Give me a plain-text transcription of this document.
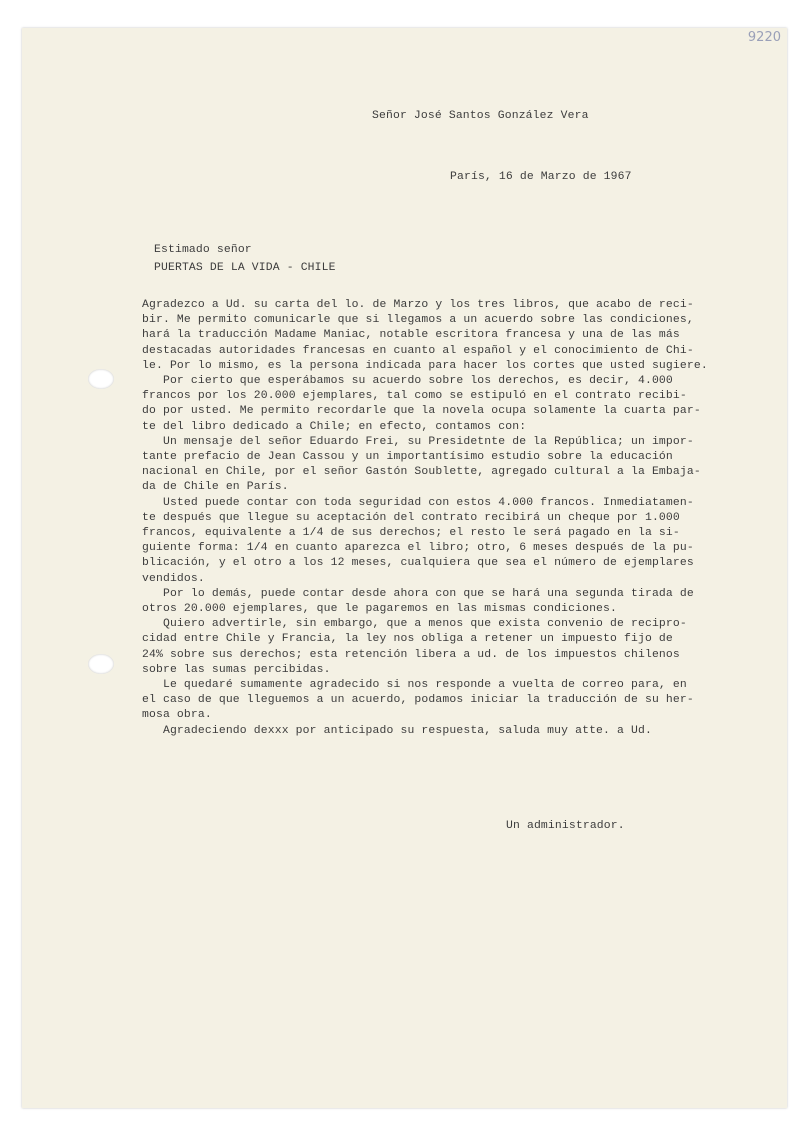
9220
Señor José Santos González Vera
París, 16 de Marzo de 1967
Estimado señor
PUERTAS DE LA VIDA - CHILE
Agradezco a Ud. su carta del lo. de Marzo y los tres libros, que acabo de reci-
bir. Me permito comunicarle que si llegamos a un acuerdo sobre las condiciones,
hará la traducción Madame Maniac, notable escritora francesa y una de las más
destacadas autoridades francesas en cuanto al español y el conocimiento de Chi-
le. Por lo mismo, es la persona indicada para hacer los cortes que usted sugiere.
Por cierto que esperábamos su acuerdo sobre los derechos, es decir, 4.000
francos por los 20.000 ejemplares, tal como se estipuló en el contrato recibi-
do por usted. Me permito recordarle que la novela ocupa solamente la cuarta par-
te del libro dedicado a Chile; en efecto, contamos con:
Un mensaje del señor Eduardo Frei, su Presidetnte de la República; un impor-
tante prefacio de Jean Cassou y un importantísimo estudio sobre la educación
nacional en Chile, por el señor Gastón Soublette, agregado cultural a la Embaja-
da de Chile en París.
Usted puede contar con toda seguridad con estos 4.000 francos. Inmediatamen-
te después que llegue su aceptación del contrato recibirá un cheque por 1.000
francos, equivalente a 1/4 de sus derechos; el resto le será pagado en la si-
guiente forma: 1/4 en cuanto aparezca el libro; otro, 6 meses después de la pu-
blicación, y el otro a los 12 meses, cualquiera que sea el número de ejemplares
vendidos.
Por lo demás, puede contar desde ahora con que se hará una segunda tirada de
otros 20.000 ejemplares, que le pagaremos en las mismas condiciones.
Quiero advertirle, sin embargo, que a menos que exista convenio de recipro-
cidad entre Chile y Francia, la ley nos obliga a retener un impuesto fijo de
24% sobre sus derechos; esta retención libera a ud. de los impuestos chilenos
sobre las sumas percibidas.
Le quedaré sumamente agradecido si nos responde a vuelta de correo para, en
el caso de que lleguemos a un acuerdo, podamos iniciar la traducción de su her-
mosa obra.
Agradeciendo dexxx por anticipado su respuesta, saluda muy atte. a Ud.
Un administrador.
